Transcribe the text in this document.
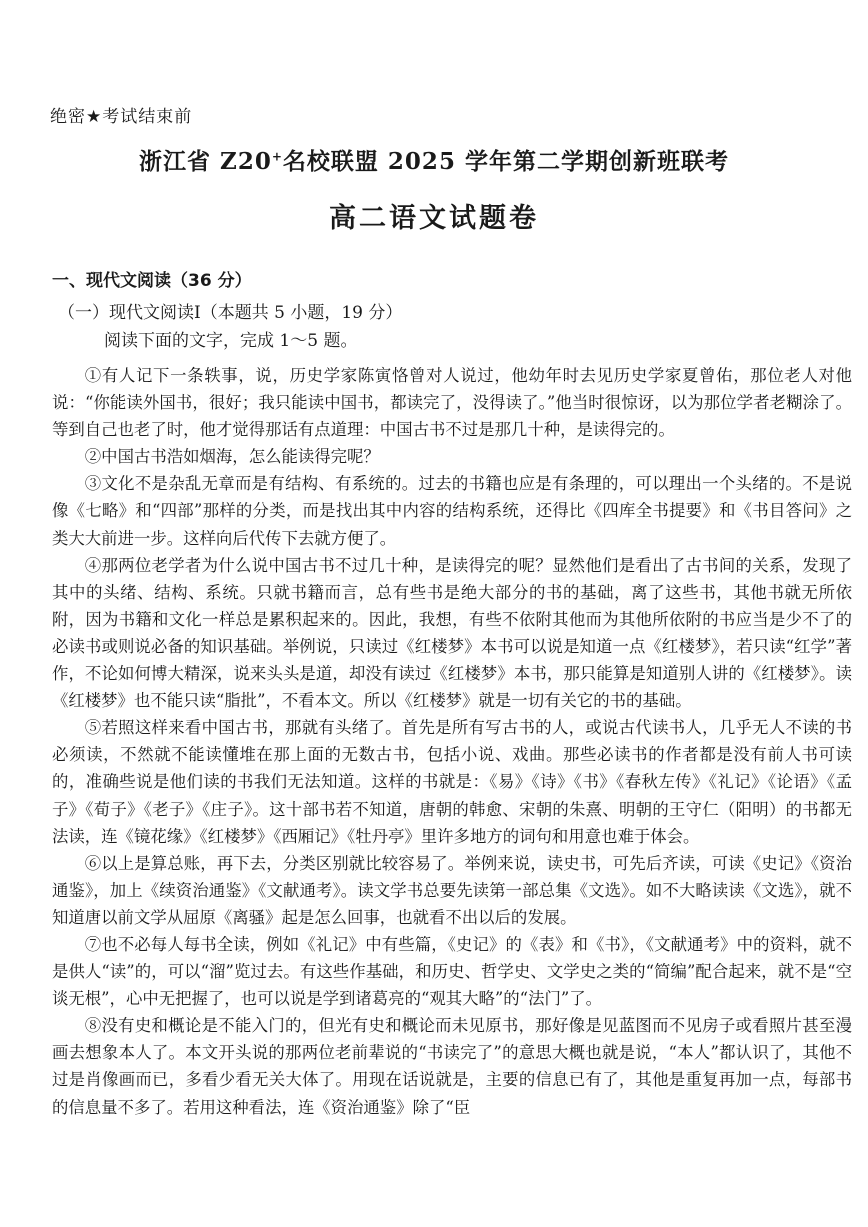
绝密★考试结束前
浙江省 Z20+名校联盟 2025 学年第二学期创新班联考
高二语文试题卷
一、现代文阅读（36 分）
（一）现代文阅读Ⅰ（本题共 5 小题，19 分）
阅读下面的文字，完成 1～5 题。

①有人记下一条轶事，说，历史学家陈寅恪曾对人说过，他幼年时去见历史学家夏曾佑，那位老人对他说：“你能读外国书，很好；我只能读中国书，都读完了，没得读了。”他当时很惊讶，以为那位学者老糊涂了。等到自己也老了时，他才觉得那话有点道理：中国古书不过是那几十种，是读得完的。

②中国古书浩如烟海，怎么能读得完呢？

③文化不是杂乱无章而是有结构、有系统的。过去的书籍也应是有条理的，可以理出一个头绪的。不是说像《七略》和“四部”那样的分类，而是找出其中内容的结构系统，还得比《四库全书提要》和《书目答问》之类大大前进一步。这样向后代传下去就方便了。

④那两位老学者为什么说中国古书不过几十种，是读得完的呢？显然他们是看出了古书间的关系，发现了其中的头绪、结构、系统。只就书籍而言，总有些书是绝大部分的书的基础，离了这些书，其他书就无所依附，因为书籍和文化一样总是累积起来的。因此，我想，有些不依附其他而为其他所依附的书应当是少不了的必读书或则说必备的知识基础。举例说，只读过《红楼梦》本书可以说是知道一点《红楼梦》，若只读“红学”著作，不论如何博大精深，说来头头是道，却没有读过《红楼梦》本书，那只能算是知道别人讲的《红楼梦》。读《红楼梦》也不能只读“脂批”，不看本文。所以《红楼梦》就是一切有关它的书的基础。

⑤若照这样来看中国古书，那就有头绪了。首先是所有写古书的人，或说古代读书人，几乎无人不读的书必须读，不然就不能读懂堆在那上面的无数古书，包括小说、戏曲。那些必读书的作者都是没有前人书可读的，准确些说是他们读的书我们无法知道。这样的书就是：《易》《诗》《书》《春秋左传》《礼记》《论语》《孟子》《荀子》《老子》《庄子》。这十部书若不知道，唐朝的韩愈、宋朝的朱熹、明朝的王守仁（阳明）的书都无法读，连《镜花缘》《红楼梦》《西厢记》《牡丹亭》里许多地方的词句和用意也难于体会。

⑥以上是算总账，再下去，分类区别就比较容易了。举例来说，读史书，可先后齐读，可读《史记》《资治通鉴》，加上《续资治通鉴》《文献通考》。读文学书总要先读第一部总集《文选》。如不大略读读《文选》，就不知道唐以前文学从屈原《离骚》起是怎么回事，也就看不出以后的发展。

⑦也不必每人每书全读，例如《礼记》中有些篇，《史记》的《表》和《书》，《文献通考》中的资料，就不是供人“读”的，可以“溜”览过去。有这些作基础，和历史、哲学史、文学史之类的“简编”配合起来，就不是“空谈无根”，心中无把握了，也可以说是学到诸葛亮的“观其大略”的“法门”了。

⑧没有史和概论是不能入门的，但光有史和概论而未见原书，那好像是见蓝图而不见房子或看照片甚至漫画去想象本人了。本文开头说的那两位老前辈说的“书读完了”的意思大概也就是说，“本人”都认识了，其他不过是肖像画而已，多看少看无关大体了。用现在话说就是，主要的信息已有了，其他是重复再加一点，每部书的信息量不多了。若用这种看法，连《资治通鉴》除了“臣
